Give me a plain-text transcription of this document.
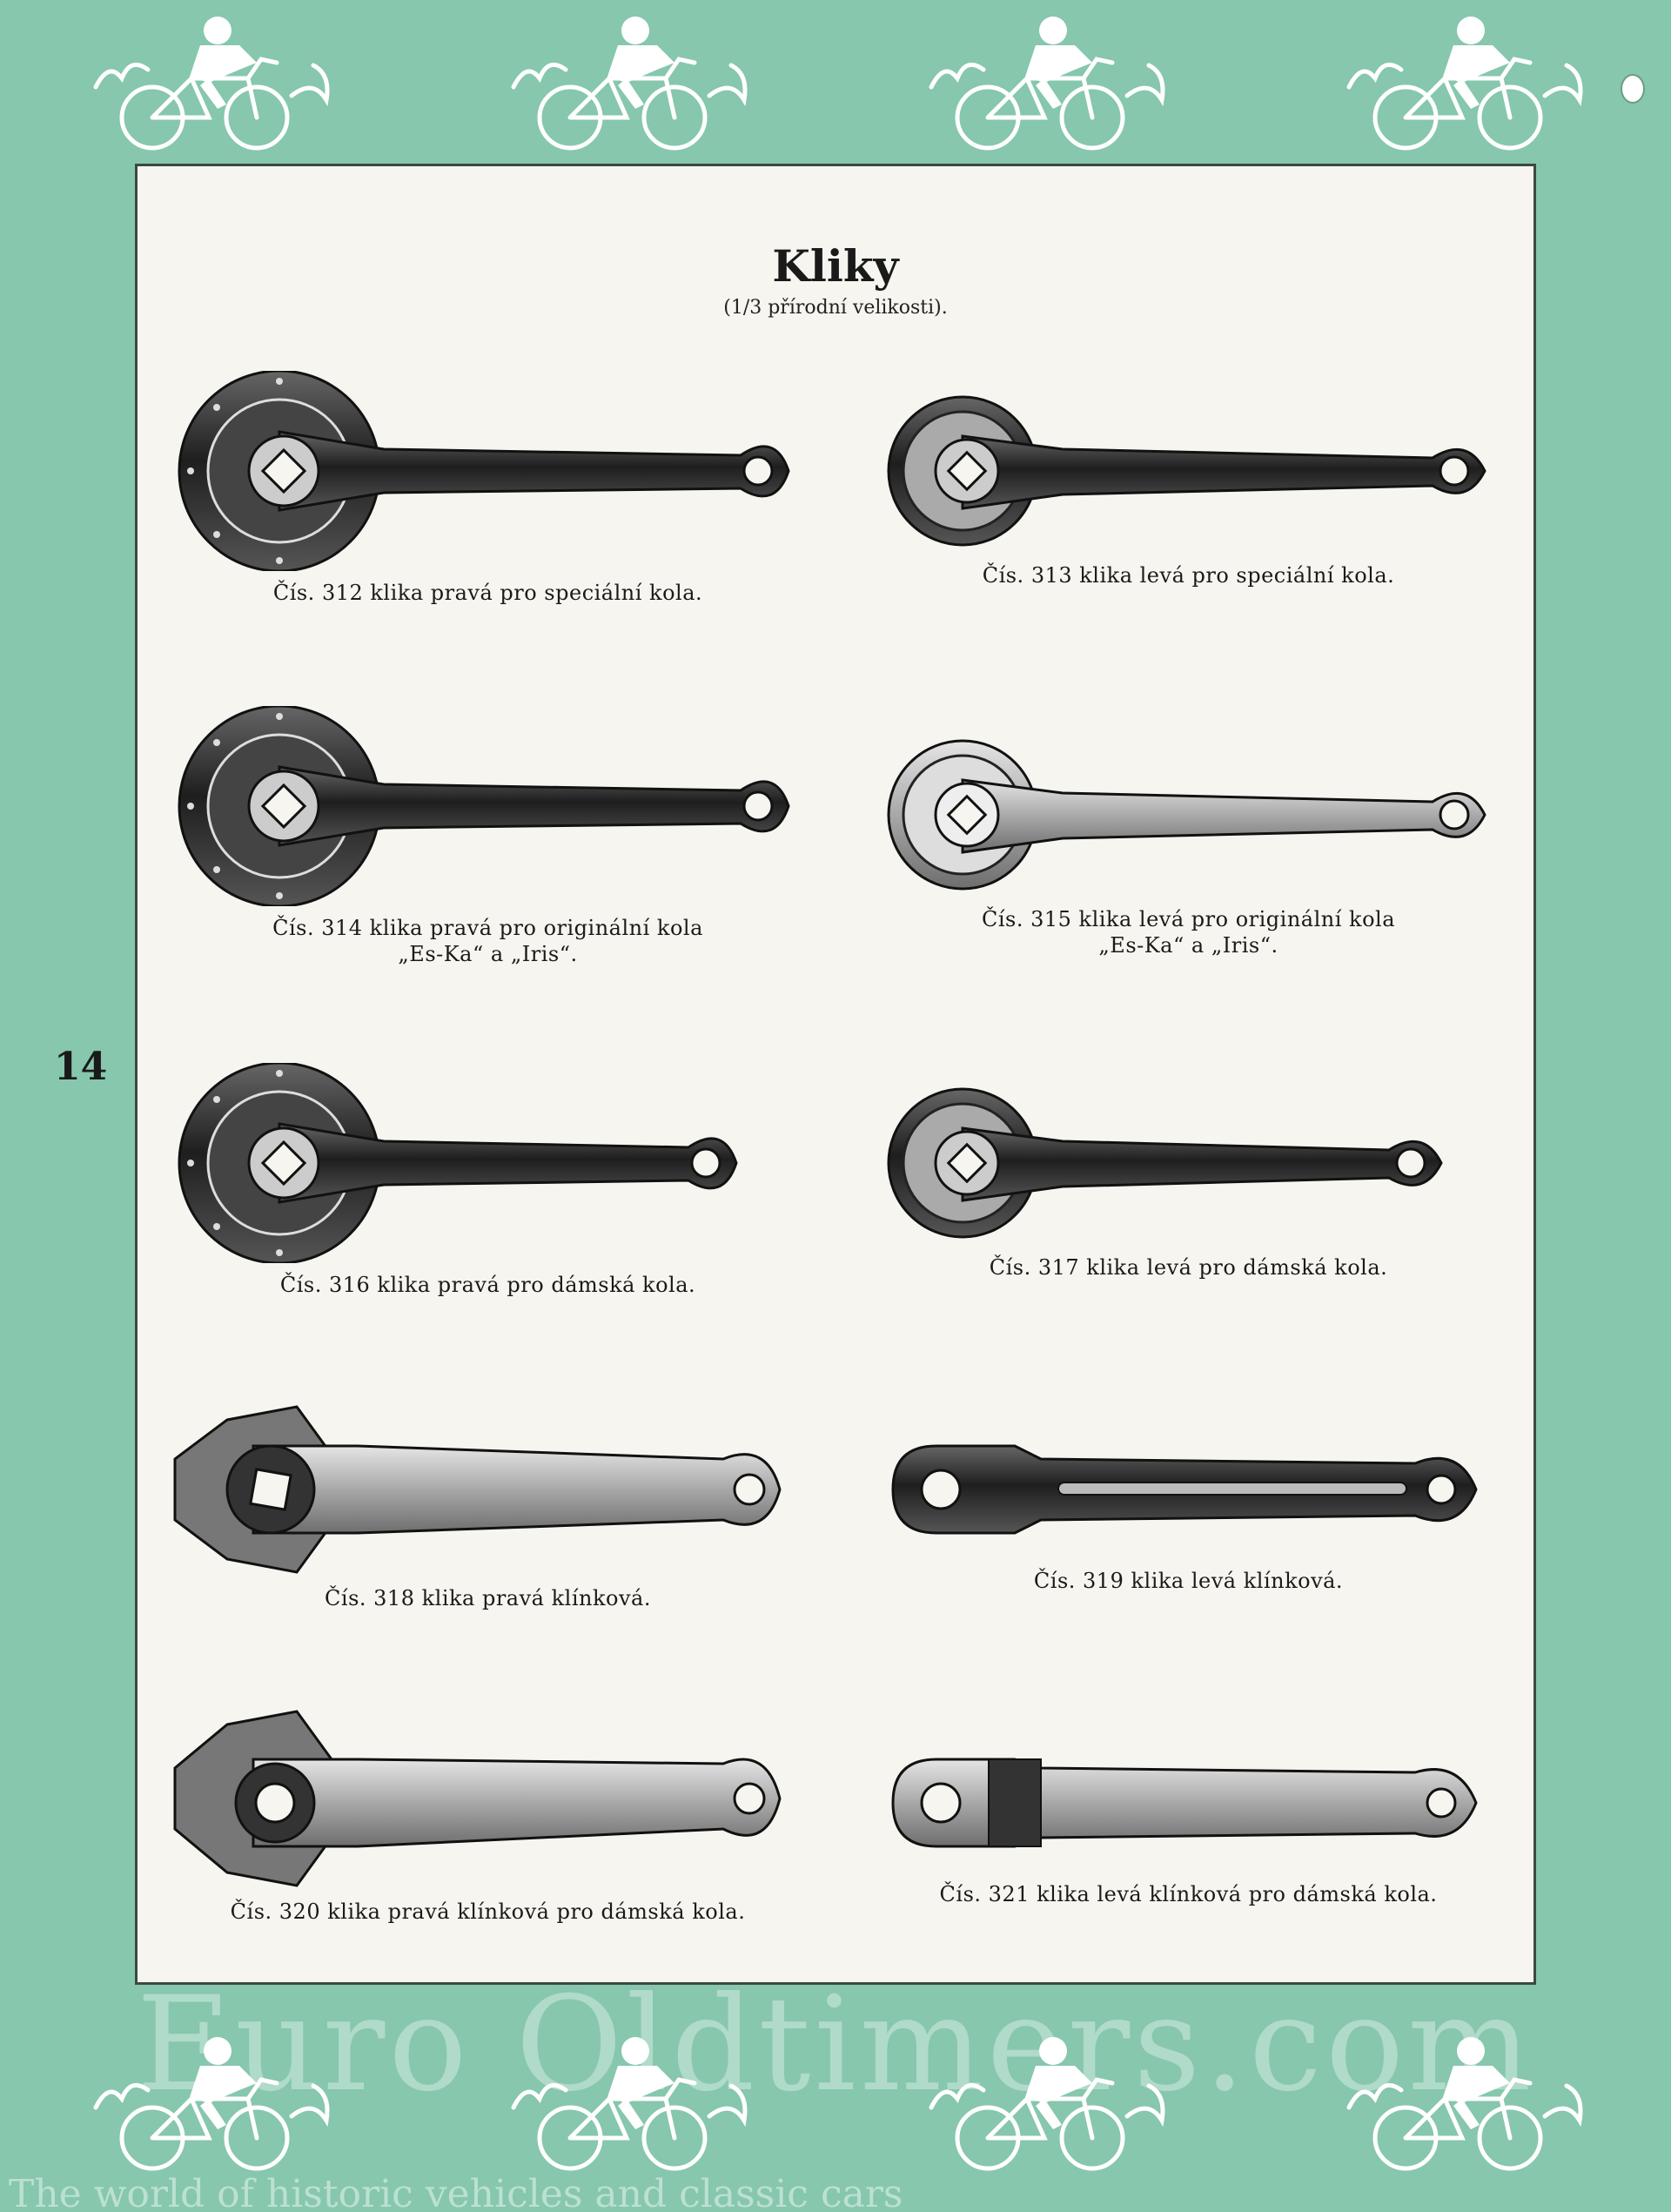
14
Kliky
(1/3 přírodní velikosti).
Čís. 312 klika pravá pro speciální kola.
Čís. 313 klika levá pro speciální kola.
Čís. 314 klika pravá pro originální kola
„Es-Ka“ a „Iris“.
Čís. 315 klika levá pro originální kola
„Es-Ka“ a „Iris“.
Čís. 316 klika pravá pro dámská kola.
Čís. 317 klika levá pro dámská kola.
Čís. 318 klika pravá klínková.
Čís. 319 klika levá klínková.
Čís. 320 klika pravá klínková pro dámská kola.
Čís. 321 klika levá klínková pro dámská kola.
Euro Oldtimers.com
The world of historic vehicles and classic cars
